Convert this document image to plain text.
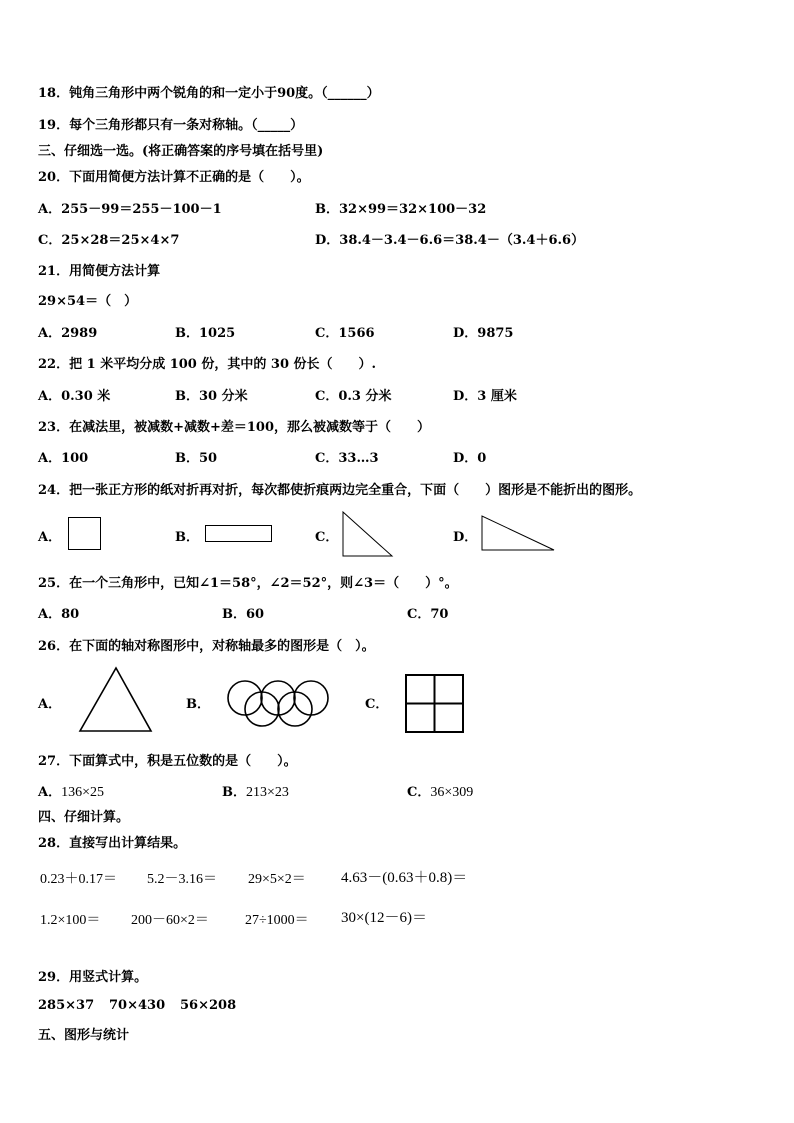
18．钝角三角形中两个锐角的和一定小于90度。（______）
19．每个三角形都只有一条对称轴。（_____）
三、仔细选一选。(将正确答案的序号填在括号里)
20．下面用简便方法计算不正确的是（　　）。
A．255－99＝255－100－1	B．32×99＝32×100－32
C．25×28＝25×4×7	D．38.4－3.4－6.6＝38.4－（3.4＋6.6）
21．用简便方法计算
29×54＝（　）
A．2989	B．1025	C．1566	D．9875
22．把 1 米平均分成 100 份，其中的 30 份长（　　）.
A．0.30 米	B．30 分米	C．0.3 分米	D．3 厘米
23．在减法里，被减数+减数+差＝100，那么被减数等于（　　）
A．100	B．50	C．33…3	D．0
24．把一张正方形的纸对折再对折，每次都使折痕两边完全重合，下面（　　）图形是不能折出的图形。
A．	B．	C．	D．
25．在一个三角形中，已知∠1＝58°，∠2＝52°，则∠3＝（　　）°。
A．80	B．60	C．70
26．在下面的轴对称图形中，对称轴最多的图形是（　）。
A．	B．	C．
27．下面算式中，积是五位数的是（　　）。
A．136×25	B．213×23	C．36×309
四、仔细计算。
28．直接写出计算结果。
0.23＋0.17＝ 5.2－3.16＝ 29×5×2＝ 4.63－(0.63＋0.8)＝
1.2×100＝ 200－60×2＝	27÷1000＝ 30×(12－6)＝
29．用竖式计算。
285×37 70×430 56×208
五、图形与统计
